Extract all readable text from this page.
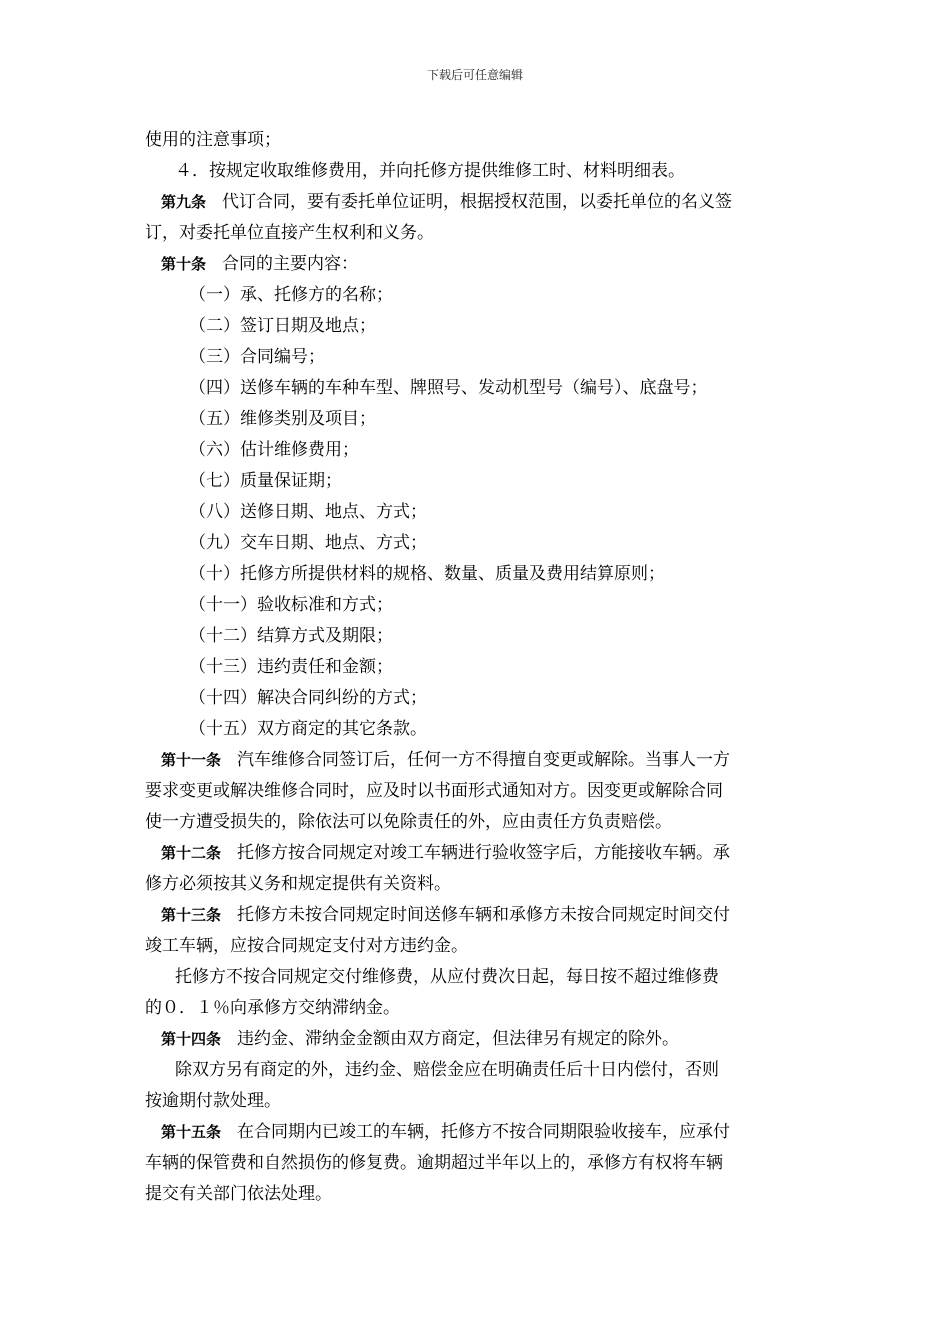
下载后可任意编辑
使用的注意事项；
４．按规定收取维修费用，并向托修方提供维修工时、材料明细表。
第九条 代订合同，要有委托单位证明，根据授权范围，以委托单位的名义签
订，对委托单位直接产生权利和义务。
第十条 合同的主要内容：
（一）承、托修方的名称；
（二）签订日期及地点；
（三）合同编号；
（四）送修车辆的车种车型、牌照号、发动机型号（编号）、底盘号；
（五）维修类别及项目；
（六）估计维修费用；
（七）质量保证期；
（八）送修日期、地点、方式；
（九）交车日期、地点、方式；
（十）托修方所提供材料的规格、数量、质量及费用结算原则；
（十一）验收标准和方式；
（十二）结算方式及期限；
（十三）违约责任和金额；
（十四）解决合同纠纷的方式；
（十五）双方商定的其它条款。
第十一条 汽车维修合同签订后，任何一方不得擅自变更或解除。当事人一方
要求变更或解决维修合同时，应及时以书面形式通知对方。因变更或解除合同
使一方遭受损失的，除依法可以免除责任的外，应由责任方负责赔偿。
第十二条 托修方按合同规定对竣工车辆进行验收签字后，方能接收车辆。承
修方必须按其义务和规定提供有关资料。
第十三条 托修方未按合同规定时间送修车辆和承修方未按合同规定时间交付
竣工车辆，应按合同规定支付对方违约金。
托修方不按合同规定交付维修费，从应付费次日起，每日按不超过维修费
的０．１％向承修方交纳滞纳金。
第十四条 违约金、滞纳金金额由双方商定，但法律另有规定的除外。
除双方另有商定的外，违约金、赔偿金应在明确责任后十日内偿付，否则
按逾期付款处理。
第十五条 在合同期内已竣工的车辆，托修方不按合同期限验收接车，应承付
车辆的保管费和自然损伤的修复费。逾期超过半年以上的，承修方有权将车辆
提交有关部门依法处理。
